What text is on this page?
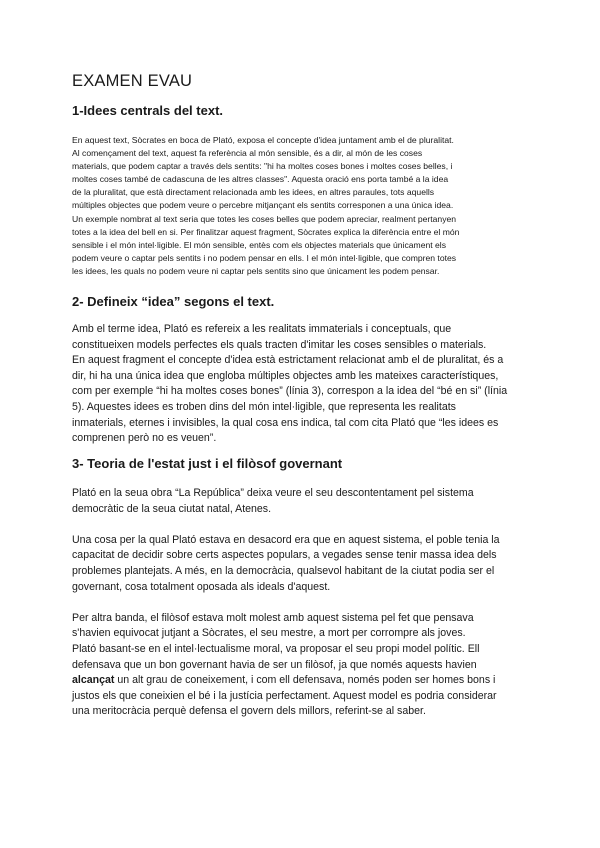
EXAMEN EVAU
1-Idees centrals del text.

En aquest text, Sòcrates en boca de Plató, exposa el concepte d'idea juntament amb el de pluralitat.

Al començament del text, aquest fa referència al món sensible, és a dir, al món de les coses

materials, que podem captar a través dels sentits: "hi ha moltes coses bones i moltes coses belles, i

moltes coses també de cadascuna de les altres classes". Aquesta oració ens porta també a la idea

de la pluralitat, que està directament relacionada amb les idees, en altres paraules, tots aquells

múltiples objectes que podem veure o percebre mitjançant els sentits corresponen a una única idea.

Un exemple nombrat al text seria que totes les coses belles que podem apreciar, realment pertanyen

totes a la idea del bell en si. Per finalitzar aquest fragment, Sòcrates explica la diferència entre el món

sensible i el món intel·ligible. El món sensible, entès com els objectes materials que únicament els

podem veure o captar pels sentits i no podem pensar en ells. I el món intel·ligible, que compren totes

les idees, les quals no podem veure ni captar pels sentits sino que únicament les podem pensar.

2- Defineix “idea” segons el text.

Amb el terme idea, Plató es refereix a les realitats immaterials i conceptuals, que

constitueixen models perfectes els quals tracten d'imitar les coses sensibles o materials.

En aquest fragment el concepte d'idea està estrictament relacionat amb el de pluralitat, és a

dir, hi ha una única idea que engloba múltiples objectes amb les mateixes característiques,

com per exemple “hi ha moltes coses bones” (línia 3), correspon a la idea del “bé en si” (línia

5). Aquestes idees es troben dins del món intel·ligible, que representa les realitats

inmaterials, eternes i invisibles, la qual cosa ens indica, tal com cita Plató que “les idees es

comprenen però no es veuen”.

3- Teoria de l'estat just i el filòsof governant

Plató en la seua obra “La República” deixa veure el seu descontentament pel sistema

democràtic de la seua ciutat natal, Atenes.

Una cosa per la qual Plató estava en desacord era que en aquest sistema, el poble tenia la

capacitat de decidir sobre certs aspectes populars, a vegades sense tenir massa idea dels

problemes plantejats. A més, en la democràcia, qualsevol habitant de la ciutat podia ser el

governant, cosa totalment oposada als ideals d'aquest.

Per altra banda, el filòsof estava molt molest amb aquest sistema pel fet que pensava

s'havien equivocat jutjant a Sòcrates, el seu mestre, a mort per corrompre als joves.

Plató basant-se en el intel·lectualisme moral, va proposar el seu propi model polític. Ell

defensava que un bon governant havia de ser un filòsof, ja que només aquests havien

alcançat un alt grau de coneixement, i com ell defensava, només poden ser homes bons i

justos els que coneixien el bé i la justícia perfectament. Aquest model es podria considerar

una meritocràcia perquè defensa el govern dels millors, referint-se al saber.
